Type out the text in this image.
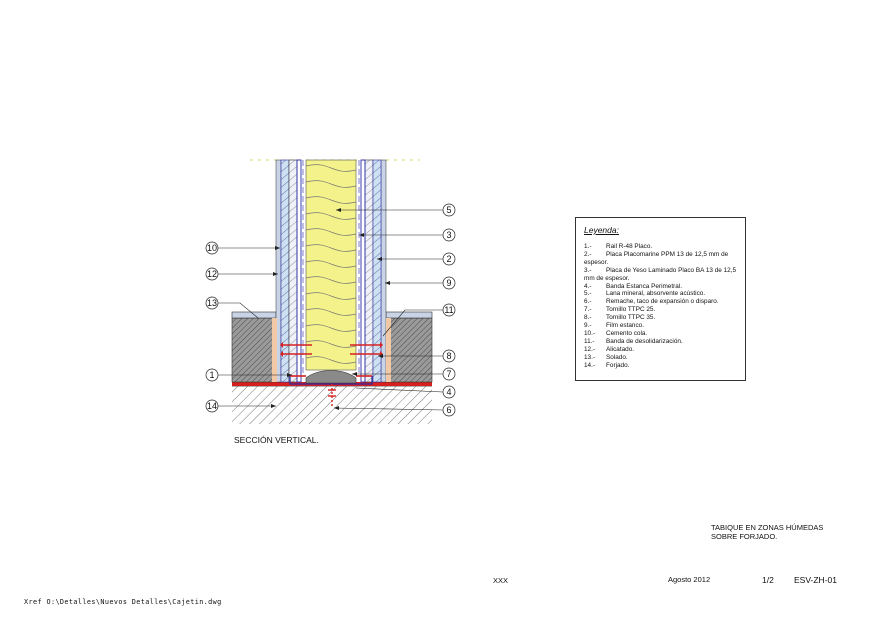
10
12
13
1
14
5
3
2
9
11
8
7
4
6
SECCIÓN VERTICAL.
Leyenda:
1.- Rail R-48 Placo.
2.- Placa Placomarine PPM 13 de 12,5 mm de espesor.
3.- Placa de Yeso Laminado Placo BA 13 de 12,5 mm de espesor.
4.- Banda Estanca Perimetral.
5.- Lana mineral, absorvente acústico.
6.- Remache, taco de expansión o disparo.
7.- Tornillo TTPC 25.
8.- Tornillo TTPC 35.
9.- Film estanco.
10.- Cemento cola.
11.- Banda de desolidarización.
12.- Alicatado.
13.- Solado.
14.- Forjado.
TABIQUE EN ZONAS HÚMEDAS
SOBRE FORJADO.
XXX	Agosto 2012	1/2 ESV-ZH-01
Xref O:\Detalles\Nuevos Detalles\Cajetin.dwg
